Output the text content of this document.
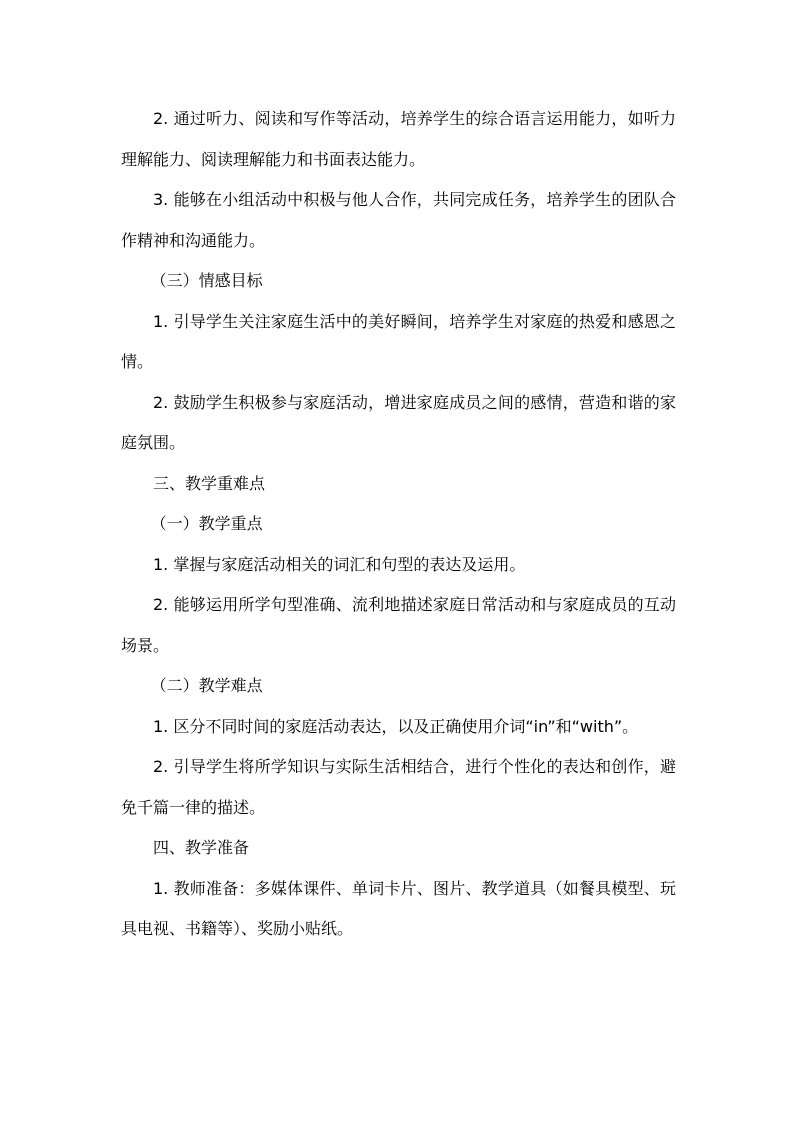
2. 通过听力、阅读和写作等活动，培养学生的综合语言运用能力，如听力理解能力、阅读理解能力和书面表达能力。

3. 能够在小组活动中积极与他人合作，共同完成任务，培养学生的团队合作精神和沟通能力。

（三）情感目标

1. 引导学生关注家庭生活中的美好瞬间，培养学生对家庭的热爱和感恩之情。

2. 鼓励学生积极参与家庭活动，增进家庭成员之间的感情，营造和谐的家庭氛围。

三、教学重难点

（一）教学重点

1. 掌握与家庭活动相关的词汇和句型的表达及运用。

2. 能够运用所学句型准确、流利地描述家庭日常活动和与家庭成员的互动场景。

（二）教学难点

1. 区分不同时间的家庭活动表达，以及正确使用介词“in”和“with”。

2. 引导学生将所学知识与实际生活相结合，进行个性化的表达和创作，避免千篇一律的描述。

四、教学准备

1. 教师准备：多媒体课件、单词卡片、图片、教学道具（如餐具模型、玩具电视、书籍等）、奖励小贴纸。
